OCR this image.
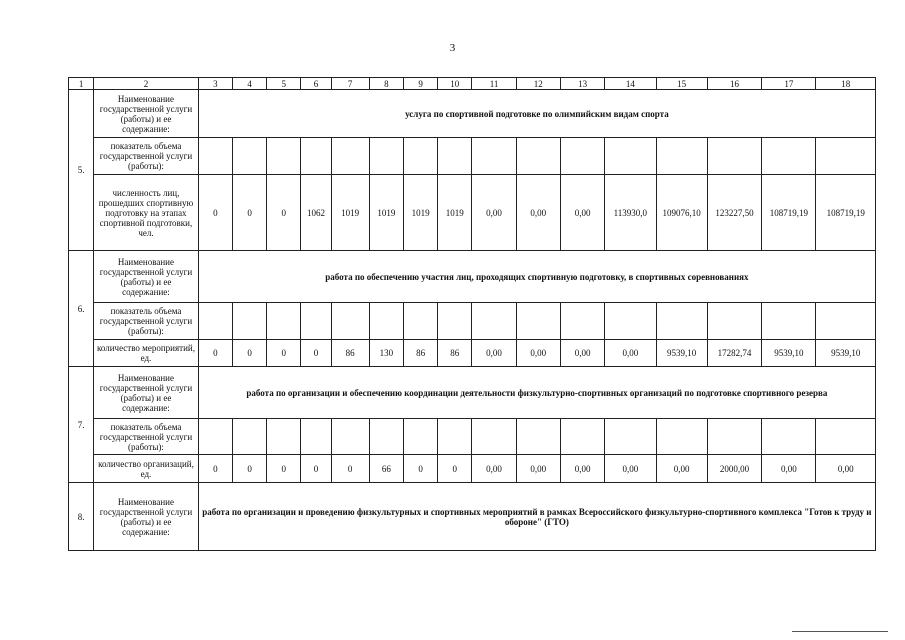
3
1	2	3	4	5	6	7	8	9	10	11	12	13	14	15	16	17	18
5.	Наименование государственной услуги (работы) и ее содержание:	услуга по спортивной подготовке по олимпийским видам спорта															
	показатель объема государственной услуги (работы):																
	численность лиц, прошедших спортивную подготовку на этапах спортивной подготовки, чел.	0	0	0	1062	1019	1019	1019	1019	0,00	0,00	0,00	113930,0	109076,10	123227,50	108719,19	108719,19
6.	Наименование государственной услуги (работы) и ее содержание:	работа по обеспечению участия лиц, проходящих спортивную подготовку, в спортивных соревнованиях															
	показатель объема государственной услуги (работы):																
	количество мероприятий, ед.	0	0	0	0	86	130	86	86	0,00	0,00	0,00	0,00	9539,10	17282,74	9539,10	9539,10
7.	Наименование государственной услуги (работы) и ее содержание:	работа по организации и обеспечению координации деятельности физкультурно-спортивных организаций по подготовке спортивного резерва															
	показатель объема государственной услуги (работы):																
	количество организаций, ед.	0	0	0	0	0	66	0	0	0,00	0,00	0,00	0,00	0,00	2000,00	0,00	0,00
8.	Наименование государственной услуги (работы) и ее содержание:	работа по организации и проведению физкультурных и спортивных мероприятий в рамках Всероссийского физкультурно-спортивного комплекса "Готов к труду и обороне" (ГТО)															
